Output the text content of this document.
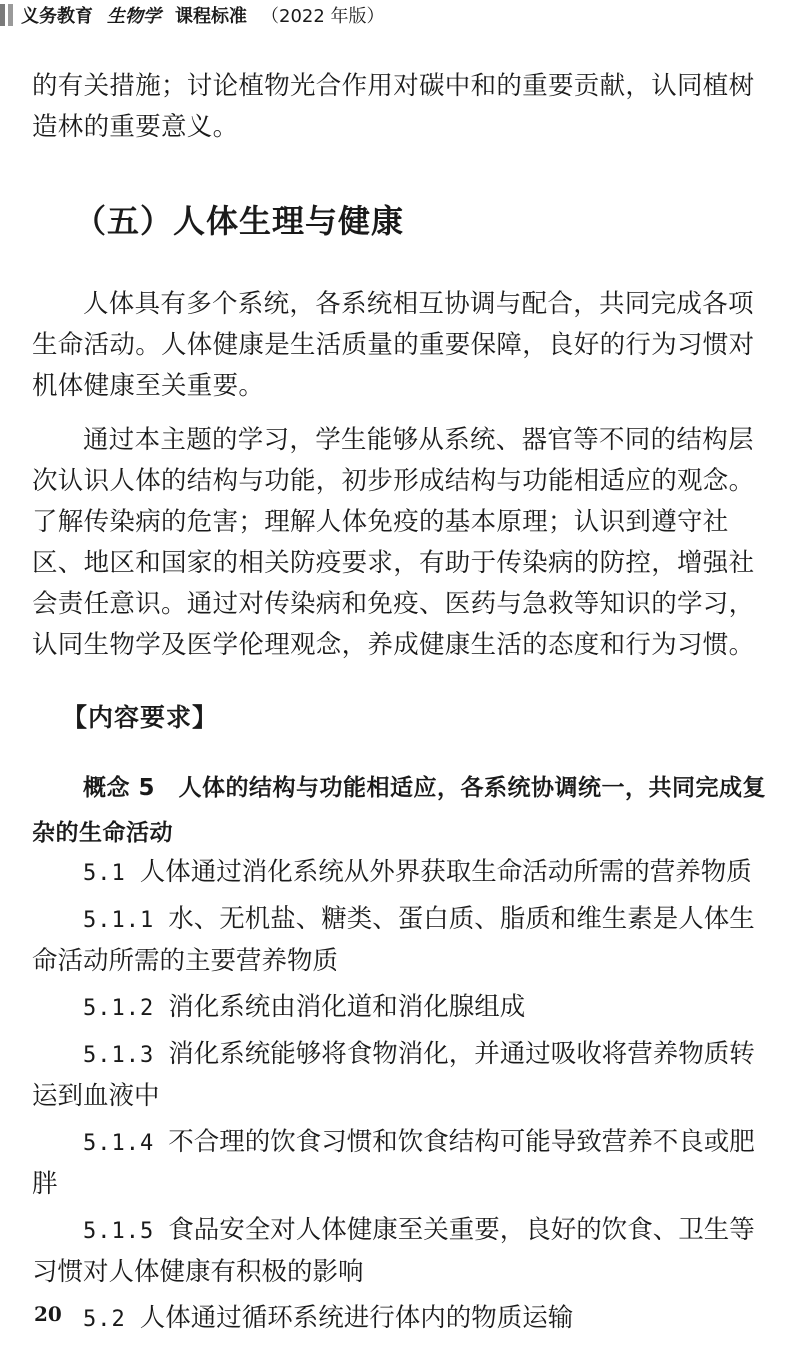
义务教育 生物学 课程标准 （2022 年版）

的有关措施；讨论植物光合作用对碳中和的重要贡献，认同植树造林的重要意义。

（五）人体生理与健康

人体具有多个系统，各系统相互协调与配合，共同完成各项生命活动。人体健康是生活质量的重要保障，良好的行为习惯对机体健康至关重要。

通过本主题的学习，学生能够从系统、器官等不同的结构层次认识人体的结构与功能，初步形成结构与功能相适应的观念。了解传染病的危害；理解人体免疫的基本原理；认识到遵守社区、地区和国家的相关防疫要求，有助于传染病的防控，增强社会责任意识。通过对传染病和免疫、医药与急救等知识的学习，认同生物学及医学伦理观念，养成健康生活的态度和行为习惯。

【内容要求】

概念 5　人体的结构与功能相适应，各系统协调统一，共同完成复杂的生命活动

5.1 人体通过消化系统从外界获取生命活动所需的营养物质
5.1.1 水、无机盐、糖类、蛋白质、脂质和维生素是人体生命活动所需的主要营养物质
5.1.2 消化系统由消化道和消化腺组成
5.1.3 消化系统能够将食物消化，并通过吸收将营养物质转运到血液中
5.1.4 不合理的饮食习惯和饮食结构可能导致营养不良或肥胖
5.1.5 食品安全对人体健康至关重要，良好的饮食、卫生等习惯对人体健康有积极的影响
5.2 人体通过循环系统进行体内的物质运输
20
